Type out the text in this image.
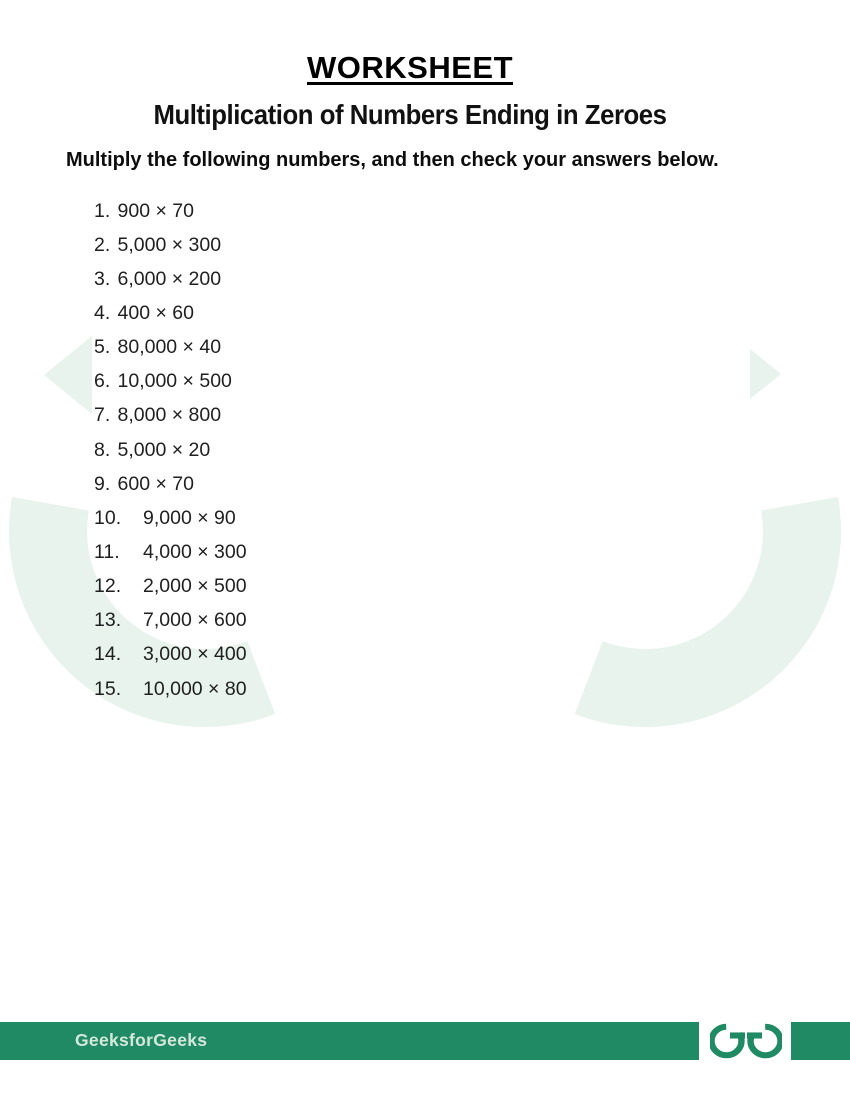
WORKSHEET
Multiplication of Numbers Ending in Zeroes
Multiply the following numbers, and then check your answers below.
1. 900 × 70
2. 5,000 × 300
3. 6,000 × 200
4. 400 × 60
5. 80,000 × 40
6. 10,000 × 500
7. 8,000 × 800
8. 5,000 × 20
9. 600 × 70
10.	9,000 × 90
11.	4,000 × 300
12.	2,000 × 500
13.	7,000 × 600
14.	3,000 × 400
15.	10,000 × 80
GeeksforGeeks
